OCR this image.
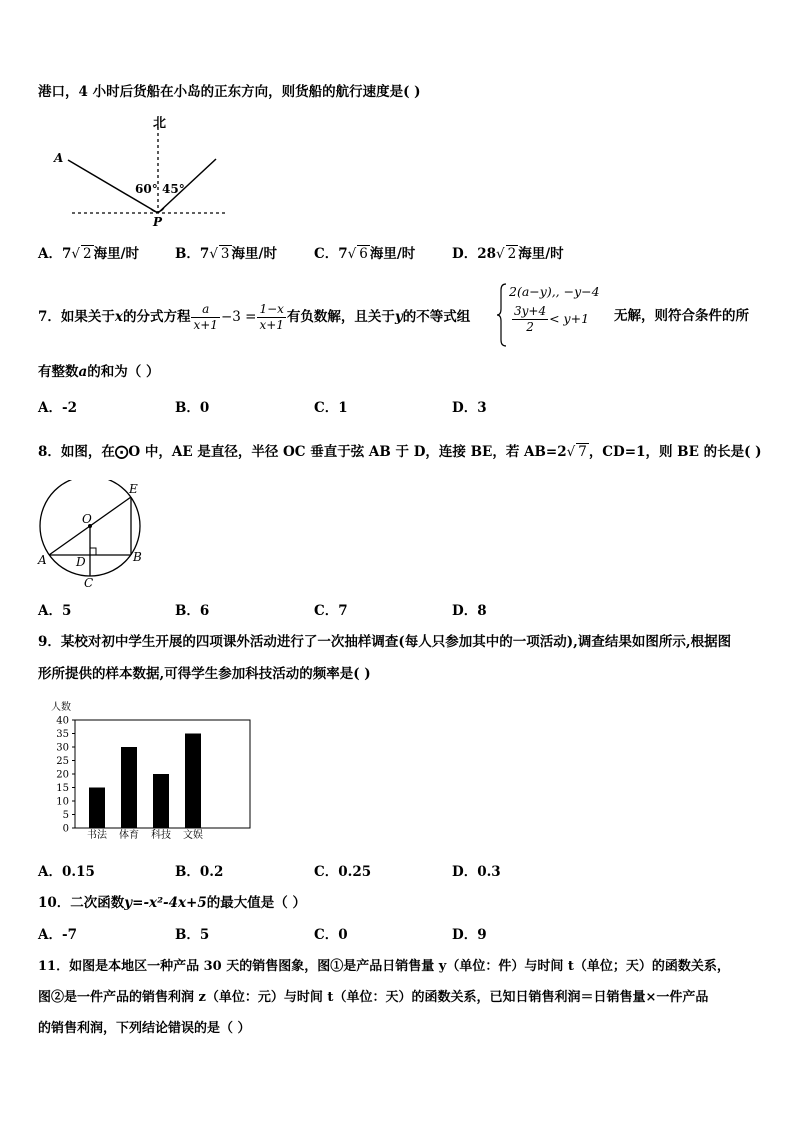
港口，4 小时后货船在小岛的正东方向，则货船的航行速度是( )
北
A
P
60° 45°
A．7√ 2 海里/时	B．7√ 3 海里/时	C．7√ 6 海里/时	D．28√ 2 海里/时
7．如果关于x的分式方程 $\frac{a}{x+1} -3 = \frac{1-x}{x+1}$ 有负数解，且关于y的不等式组
2(a−y),, −y−4
$\frac{3y+4}{2} < y+1$ 无解，则符合条件的所
有整数a的和为（ ）
A．-2	B．0	C．1	D．3
8．如图，在⨀O 中，AE 是直径，半径 OC 垂直于弦 AB 于 D，连接 BE，若 AB=2√ 7 ，CD=1，则 BE 的长是( )
O
E
A	B
D
C
A．5	B．6	C．7	D．8
9．某校对初中学生开展的四项课外活动进行了一次抽样调查(每人只参加其中的一项活动),调查结果如图所示,根据图
形所提供的样本数据,可得学生参加科技活动的频率是( )
人数
0
5
10
15
20
25
30
35
40
书法 体育 科技 文娱
A．0.15	B．0.2	C．0.25	D．0.3
10．二次函数y=-x²-4x+5的最大值是（ ）
A．-7	B．5	C．0	D．9
11．如图是本地区一种产品 30 天的销售图象，图①是产品日销售量 y（单位：件）与时间 t（单位；天）的函数关系，
图②是一件产品的销售利润 z（单位：元）与时间 t（单位：天）的函数关系，已知日销售利润＝日销售量×一件产品
的销售利润，下列结论错误的是（ ）
